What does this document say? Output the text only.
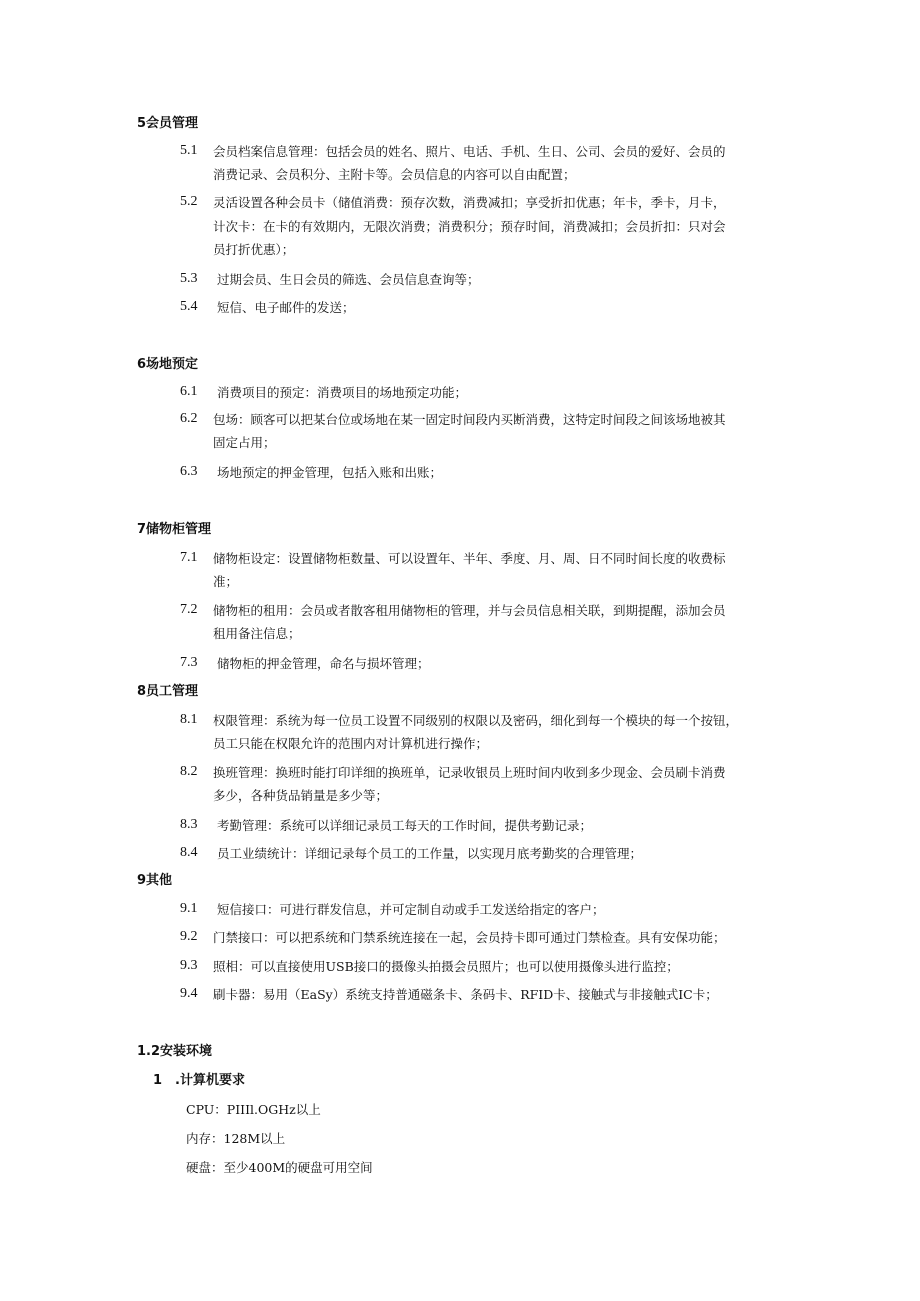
5会员管理
5.1 会员档案信息管理：包括会员的姓名、照片、电话、手机、生日、公司、会员的爱好、会员的
消费记录、会员积分、主附卡等。会员信息的内容可以自由配置；
5.2 灵活设置各种会员卡（储值消费：预存次数，消费减扣；享受折扣优惠；年卡，季卡，月卡，
计次卡：在卡的有效期内，无限次消费；消费积分；预存时间，消费减扣；会员折扣：只对会
员打折优惠）；
5.3 过期会员、生日会员的筛选、会员信息查询等；
5.4 短信、电子邮件的发送；
6场地预定
6.1 消费项目的预定：消费项目的场地预定功能；
6.2 包场：顾客可以把某台位或场地在某一固定时间段内买断消费，这特定时间段之间该场地被其
固定占用；
6.3 场地预定的押金管理，包括入账和出账；
7储物柜管理
7.1 储物柜设定：设置储物柜数量、可以设置年、半年、季度、月、周、日不同时间长度的收费标
准；
7.2 储物柜的租用：会员或者散客租用储物柜的管理，并与会员信息相关联，到期提醒，添加会员
租用备注信息；
7.3 储物柜的押金管理，命名与损坏管理；
8员工管理
8.1 权限管理：系统为每一位员工设置不同级别的权限以及密码，细化到每一个模块的每一个按钮，
员工只能在权限允许的范围内对计算机进行操作；
8.2 换班管理：换班时能打印详细的换班单，记录收银员上班时间内收到多少现金、会员刷卡消费
多少，各种货品销量是多少等；
8.3 考勤管理：系统可以详细记录员工每天的工作时间，提供考勤记录；
8.4 员工业绩统计：详细记录每个员工的工作量，以实现月底考勤奖的合理管理；
9其他
9.1 短信接口：可进行群发信息，并可定制自动或手工发送给指定的客户；
9.2 门禁接口：可以把系统和门禁系统连接在一起，会员持卡即可通过门禁检查。具有安保功能；
9.3 照相：可以直接使用USB接口的摄像头拍摄会员照片；也可以使用摄像头进行监控；
9.4 刷卡器：易用（EaSy）系统支持普通磁条卡、条码卡、RFID卡、接触式与非接触式IC卡；
1.2安装环境
1　.计算机要求
CPU：PIIIl.OGHz以上
内存：128M以上
硬盘：至少400M的硬盘可用空间
